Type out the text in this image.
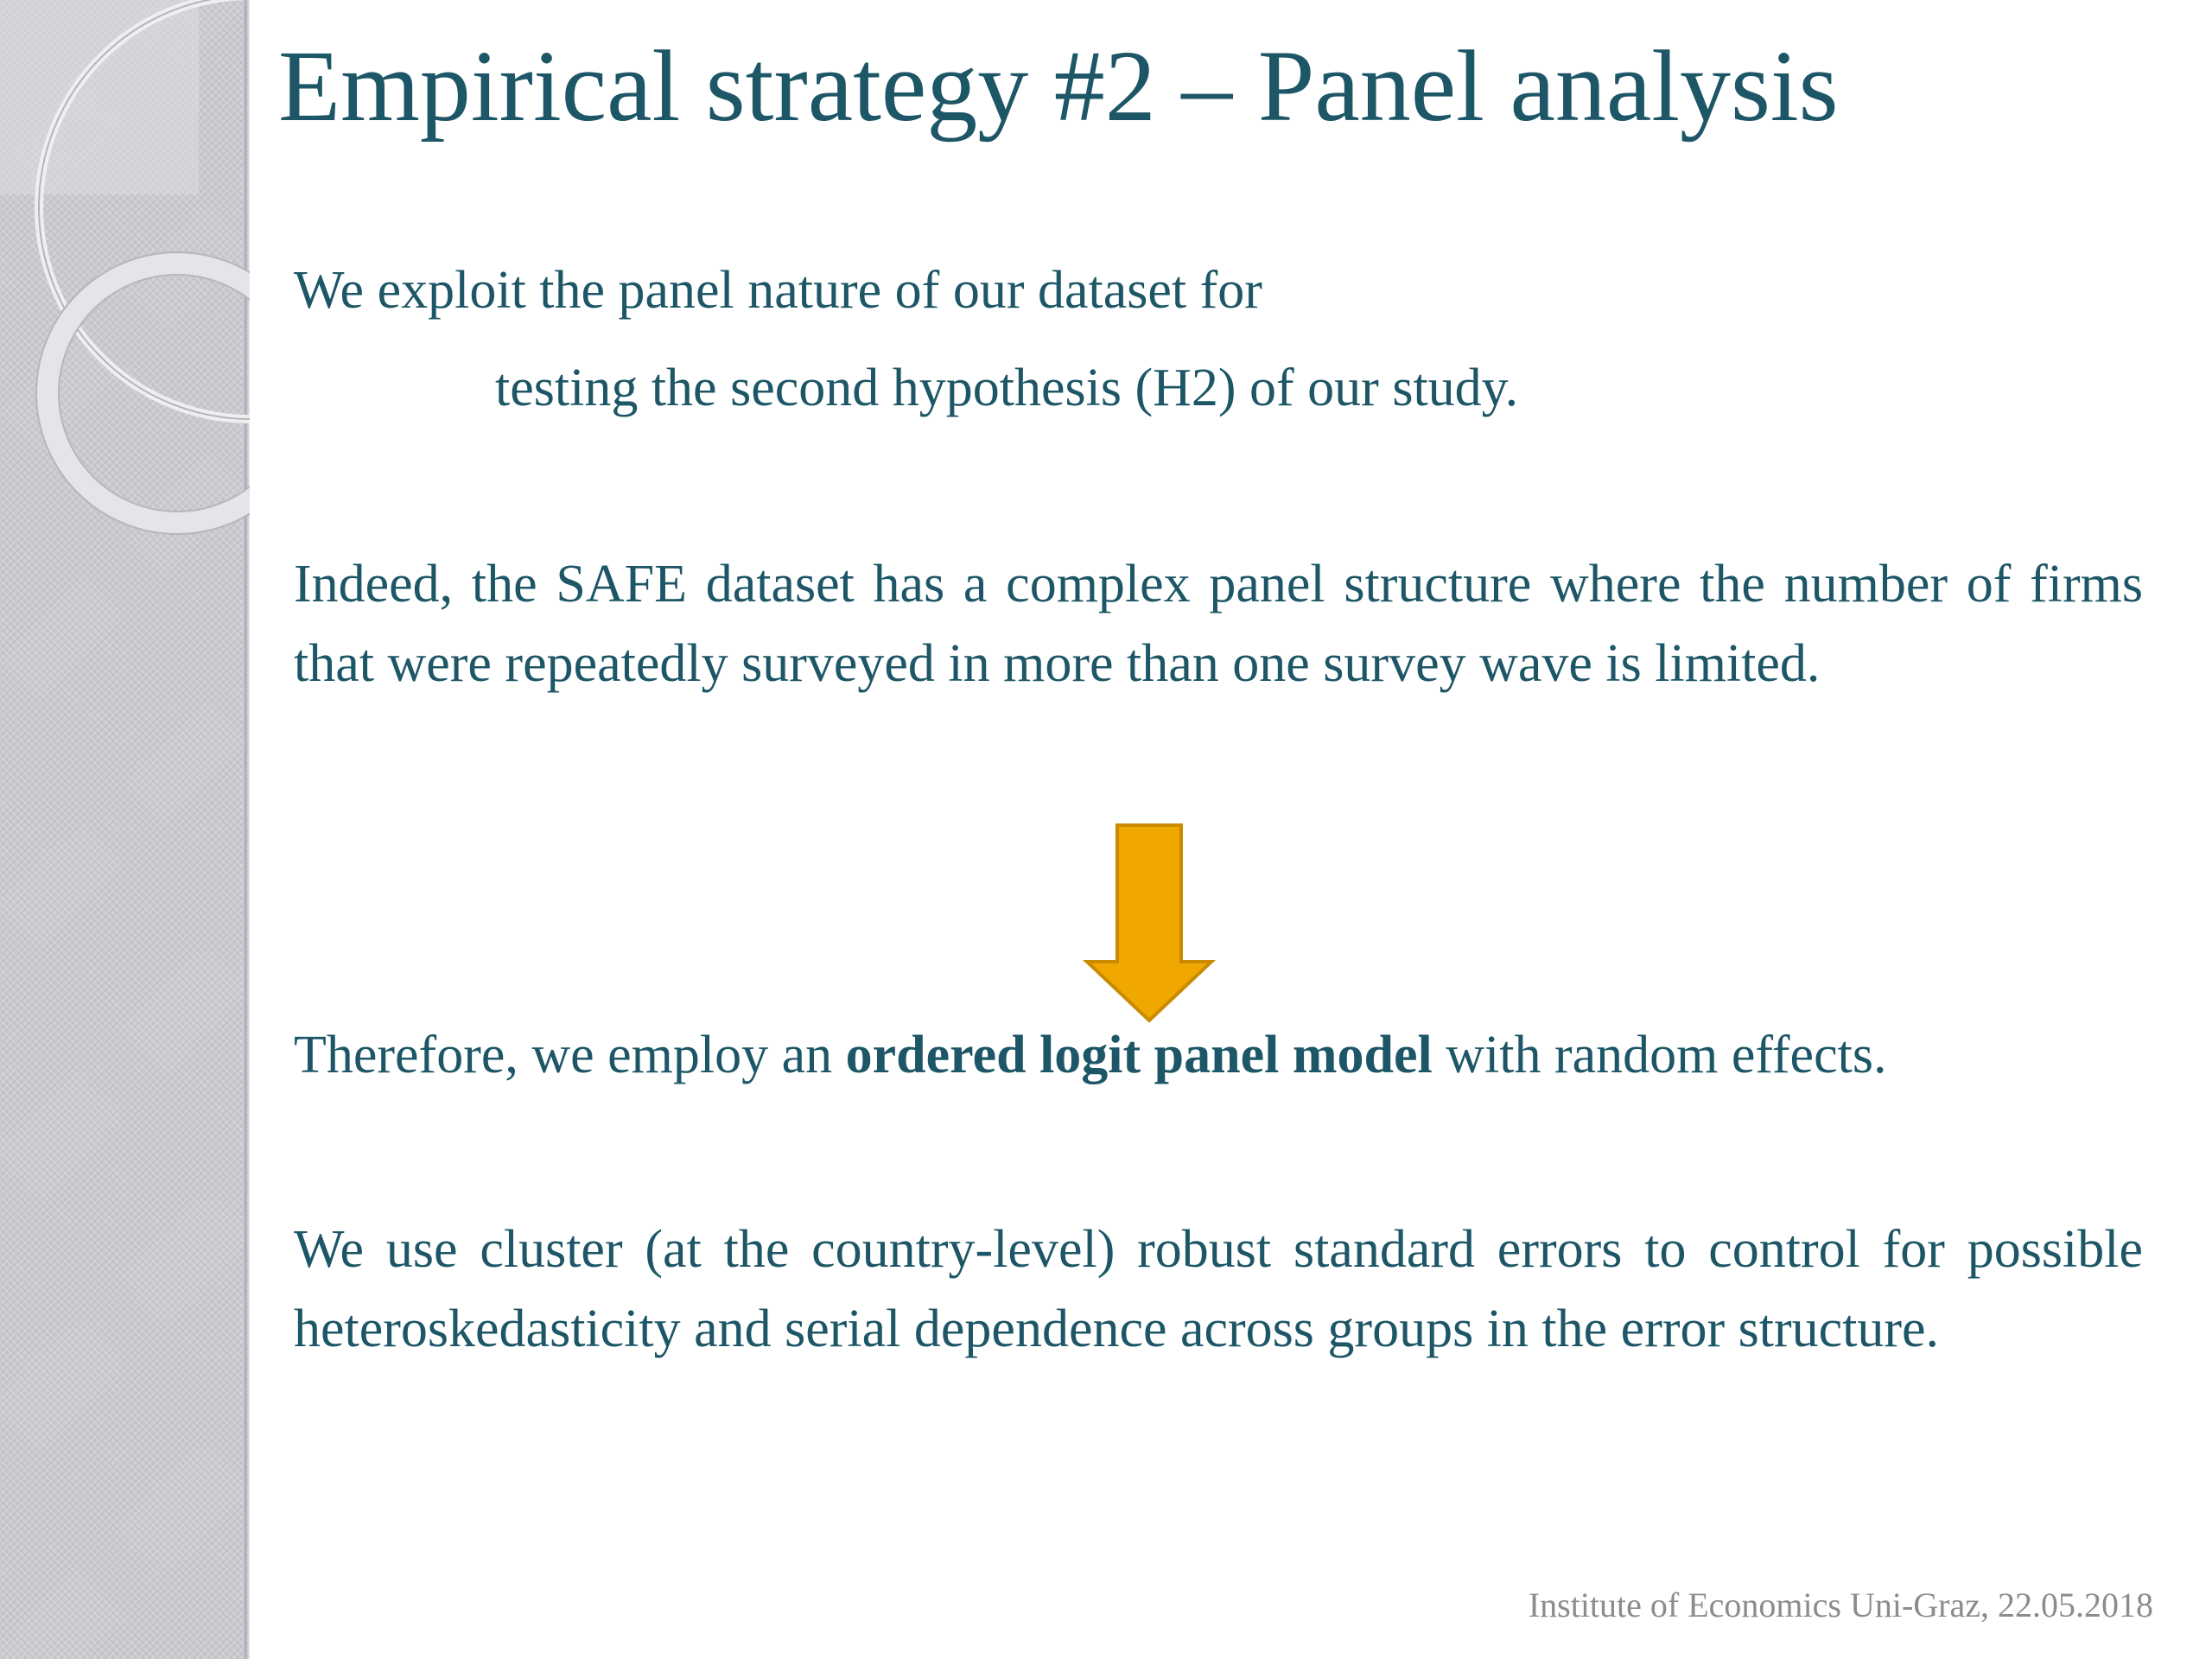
Empirical strategy #2 – Panel analysis

We exploit the panel nature of our dataset for

testing the second hypothesis (H2) of our study.

Indeed, the SAFE dataset has a complex panel structure where the number of firms that were repeatedly surveyed in more than one survey wave is limited.

Therefore, we employ an ordered logit panel model with random effects.

We use cluster (at the country-level) robust standard errors to control for possible heteroskedasticity and serial dependence across groups in the error structure.

Institute of Economics Uni-Graz, 22.05.2018
